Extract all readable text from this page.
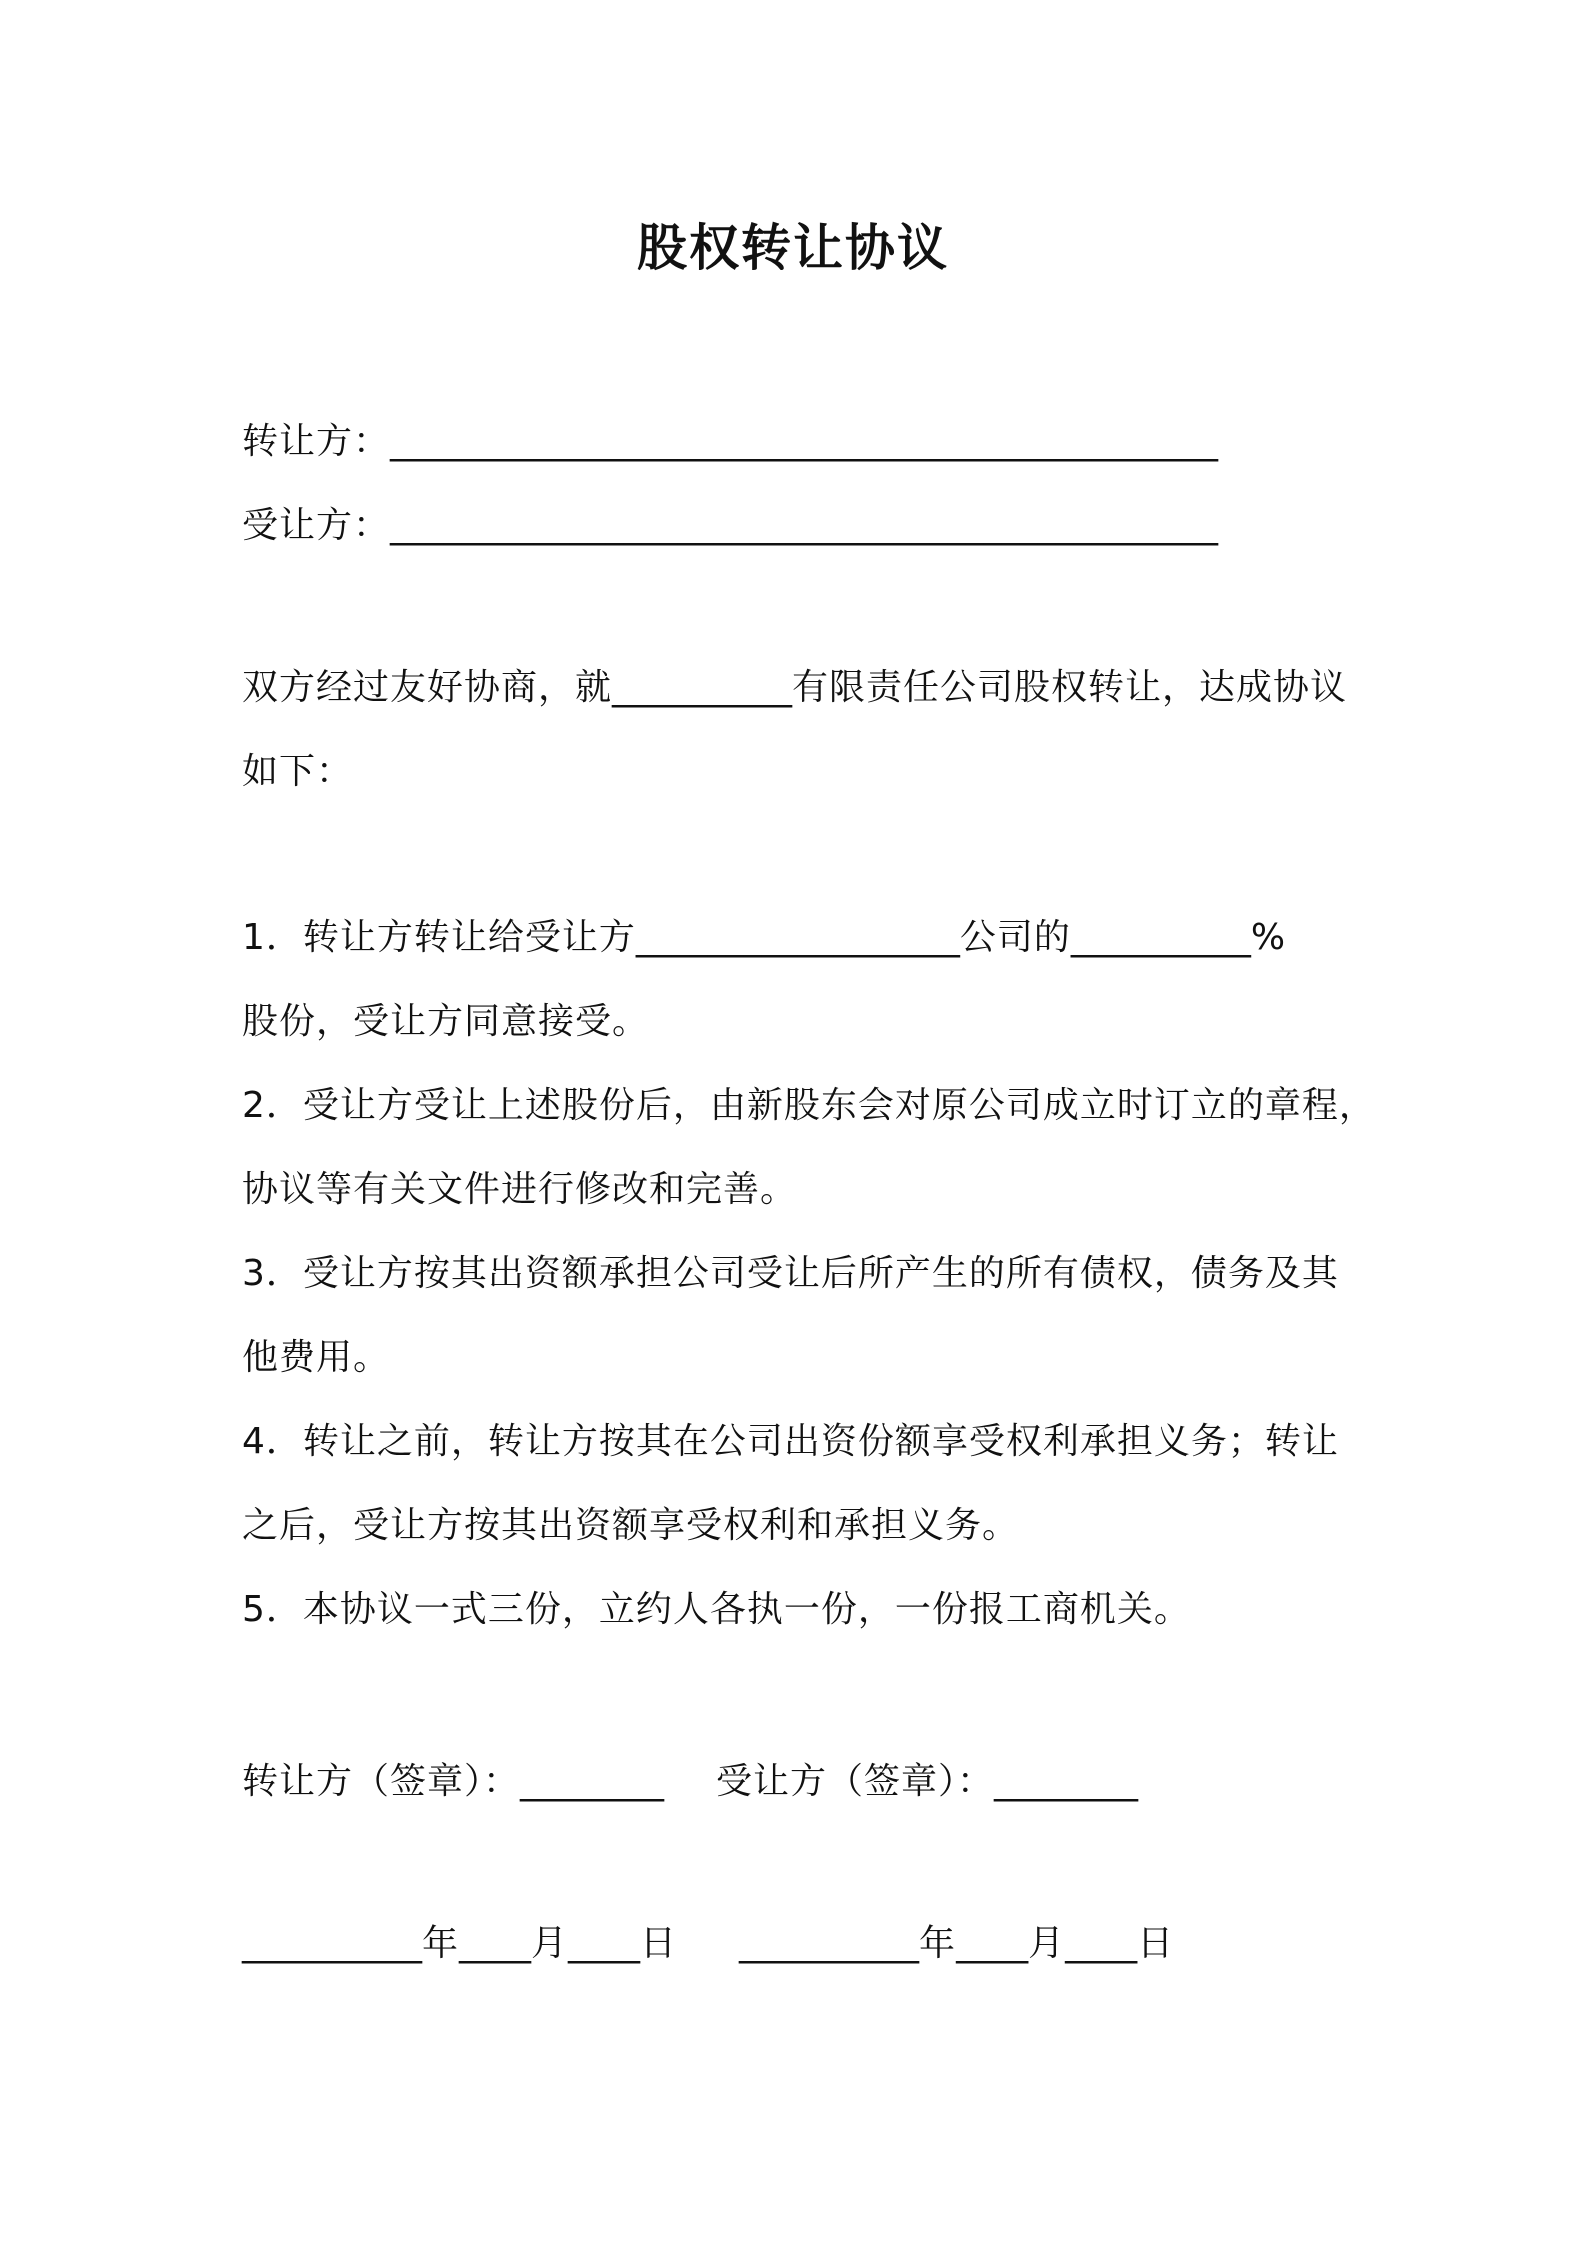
股权转让协议

转让方：______________________________________________

受让方：______________________________________________

双方经过友好协商，就__________有限责任公司股权转让，达成协议

如下：

1．转让方转让给受让方__________________公司的__________%

股份，受让方同意接受。

2．受让方受让上述股份后，由新股东会对原公司成立时订立的章程，

协议等有关文件进行修改和完善。

3．受让方按其出资额承担公司受让后所产生的所有债权，债务及其

他费用。

4．转让之前，转让方按其在公司出资份额享受权利承担义务；转让

之后，受让方按其出资额享受权利和承担义务。

5．本协议一式三份，立约人各执一份，一份报工商机关。

转让方（签章）：________ 受让方（签章）：________

__________年____月____日 __________年____月____日
